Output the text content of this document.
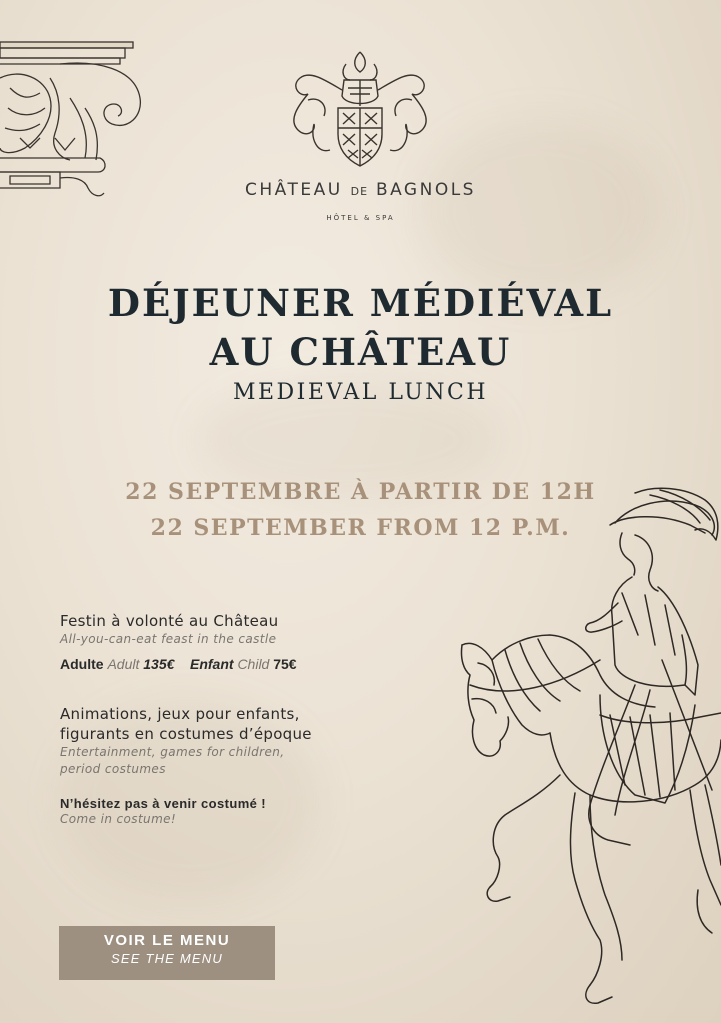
CHÂTEAU DE BAGNOLS
HÔTEL & SPA
DÉJEUNER MÉDIÉVAL
AU CHÂTEAU
MEDIEVAL LUNCH
22 SEPTEMBRE À PARTIR DE 12H
22 SEPTEMBER FROM 12 P.M.
Festin à volonté au Château
All-you-can-eat feast in the castle
Adulte Adult 135€ Enfant Child 75€
Animations, jeux pour enfants,
figurants en costumes d’époque
Entertainment, games for children,
period costumes
N’hésitez pas à venir costumé !
Come in costume!
VOIR LE MENU
SEE THE MENU
